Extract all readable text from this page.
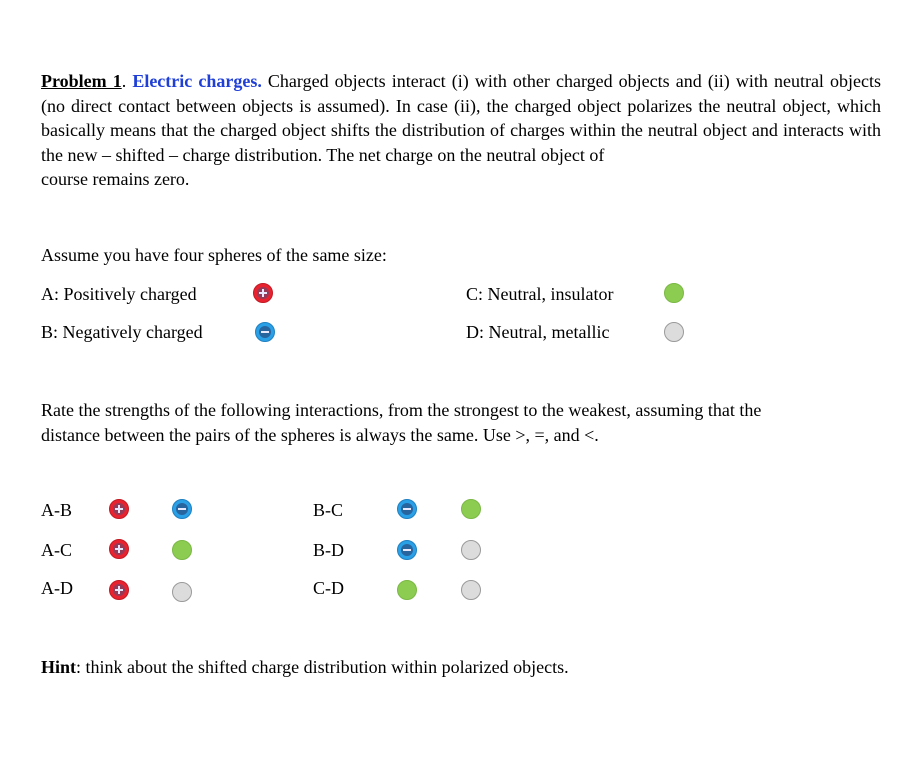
Problem 1. Electric charges. Charged objects interact (i) with other charged objects and (ii) with neutral objects (no direct contact between objects is assumed). In case (ii), the charged object polarizes the neutral object, which basically means that the charged object shifts the distribution of charges within the neutral object and interacts with the new – shifted – charge distribution. The net charge on the neutral object of
course remains zero.
Assume you have four spheres of the same size:
A: Positively charged
B: Negatively charged
C: Neutral, insulator
D: Neutral, metallic
Rate the strengths of the following interactions, from the strongest to the weakest, assuming that the
distance between the pairs of the spheres is always the same. Use >, =, and <.
A-B
A-C
A-D
B-C
B-D
C-D
Hint: think about the shifted charge distribution within polarized objects.
